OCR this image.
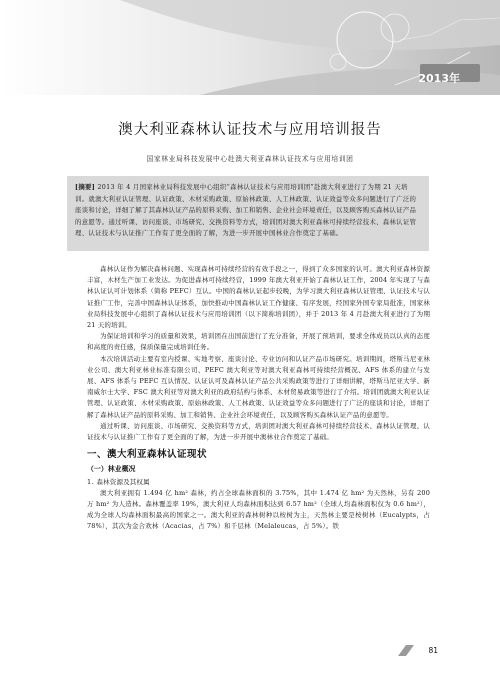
2013年
澳大利亚森林认证技术与应用培训报告
国家林业局科技发展中心赴澳大利亚森林认证技术与应用培训团
[摘要] 2013 年 4 月国家林业局科技发展中心组织“森林认证技术与应用培训团”赴澳大利亚进行了为期 21 天培训。就澳大利亚认证管理、认证政策、木材采购政策、原始林政策、人工林政策、认证效益等众多问题进行了广泛的座谈和讨论，详细了解了其森林认证产品的原料采购、加工和销售、企业社会环境责任，以及顾客购买森林认证产品的意愿等。通过听课、访问座谈、市场研究、交换资料等方式，培训团对澳大利亚森林可持续经营技术、森林认证管理、认证技术与认证推广工作有了更全面的了解，为进一步开展中国林业合作奠定了基础。

森林认证作为解决森林问题、实现森林可持续经营的有效手段之一，得到了众多国家的认可。澳大利亚森林资源丰富，木材生产加工业发达。为促进森林可持续经营，1999 年澳大利亚开始了森林认证工作，2004 年实现了与森林认证认可计划体系（简称 PEFC）互认。中国的森林认证起步较晚，为学习澳大利亚森林认证管理、认证技术与认证推广工作，完善中国森林认证体系，加快推动中国森林认证工作健康、有序发展，经国家外国专家局批准，国家林业局科技发展中心组织了森林认证技术与应用培训团（以下简称培训团），并于 2013 年 4 月赴澳大利亚进行了为期 21 天的培训。

为保证培训和学习的质量和效果，培训团在出国前进行了充分准备，开展了预培训，要求全体成员以认真的态度和高度的责任感，保质保量完成培训任务。

本次培训活动主要有室内授课、实地考察、座谈讨论、专业访问和认证产品市场研究。培训期间，塔斯马尼亚林业公司、澳大利亚林业标准有限公司、PEFC 澳大利亚等对澳大利亚森林可持续经营概况、AFS 体系的建立与发展、AFS 体系与 PEFC 互认情况、认证认可及森林认证产品公共采购政策等进行了详细讲解，塔斯马尼亚大学、新南威尔士大学、FSC 澳大利亚等对澳大利亚的政府结构与体系、木材贸易政策等进行了介绍。培训团就澳大利亚认证管理、认证政策、木材采购政策、原始林政策、人工林政策、认证效益等众多问题进行了广泛的座谈和讨论，详细了解了森林认证产品的原料采购、加工和销售、企业社会环境责任，以及顾客购买森林认证产品的意愿等。

通过听课、访问座谈、市场研究、交换资料等方式，培训团对澳大利亚森林可持续经营技术、森林认证管理、认证技术与认证推广工作有了更全面的了解，为进一步开展中澳林业合作奠定了基础。

一、澳大利亚森林认证现状
（一）林业概况
1. 森林资源及其权属

澳大利亚拥有 1.494 亿 hm² 森林，约占全球森林面积的 3.75%，其中 1.474 亿 hm² 为天然林，另有 200 万 hm² 为人造林。森林覆盖率 19%，澳大利亚人均森林面积达到 6.57 hm²（全球人均森林面积仅为 0.6 hm²），成为全球人均森林面积最高的国家之一。澳大利亚的森林树种以桉树为主，天然林主要是桉树林（Eucalypts，占 78%），其次为金合欢林（Acacias，占 7%）和千层林（Melaleucas，占 5%）。铁

81
